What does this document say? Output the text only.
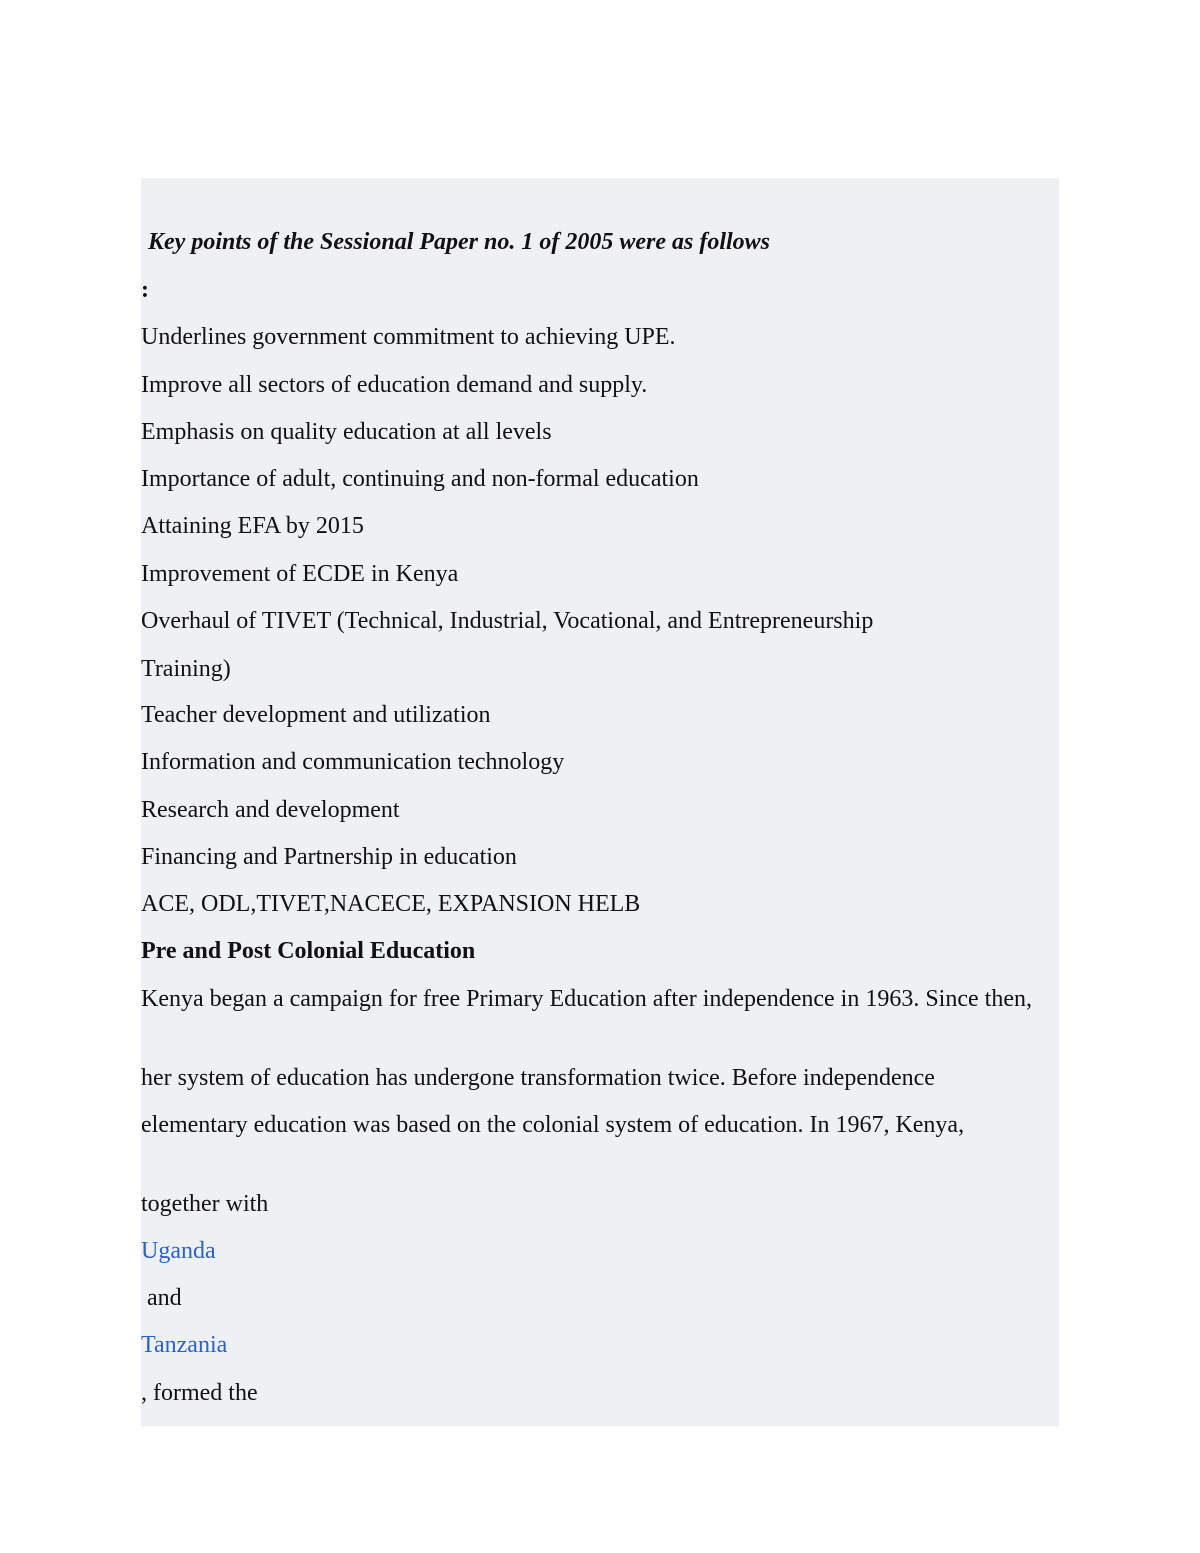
Key points of the Sessional Paper no. 1 of 2005 were as follows
:
Underlines government commitment to achieving UPE.
Improve all sectors of education demand and supply.
Emphasis on quality education at all levels
Importance of adult, continuing and non-formal education
Attaining EFA by 2015
Improvement of ECDE in Kenya
Overhaul of TIVET (Technical, Industrial, Vocational, and Entrepreneurship
Training)
Teacher development and utilization
Information and communication technology
Research and development
Financing and Partnership in education
ACE, ODL,TIVET,NACECE, EXPANSION HELB
Pre and Post Colonial Education
Kenya began a campaign for free Primary Education after independence in 1963. Since then,
her system of education has undergone transformation twice. Before independence
elementary education was based on the colonial system of education. In 1967, Kenya,
together with
Uganda
and
Tanzania
, formed the
